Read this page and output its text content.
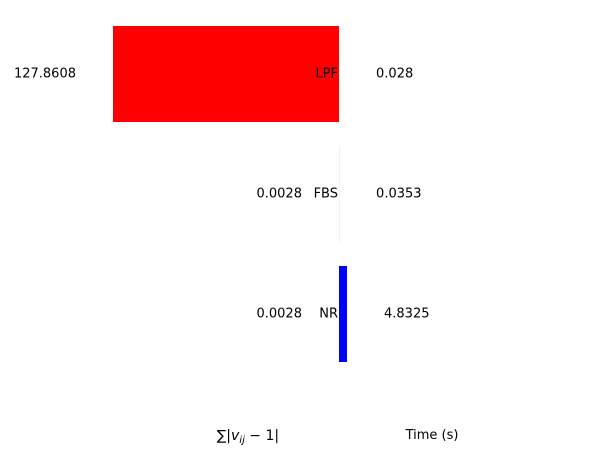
127.8608	LPF	0.028
0.0028 FBS	0.0353
0.0028 NR	4.8325
$\sum|v_{ij} - 1|$	Time (s)
